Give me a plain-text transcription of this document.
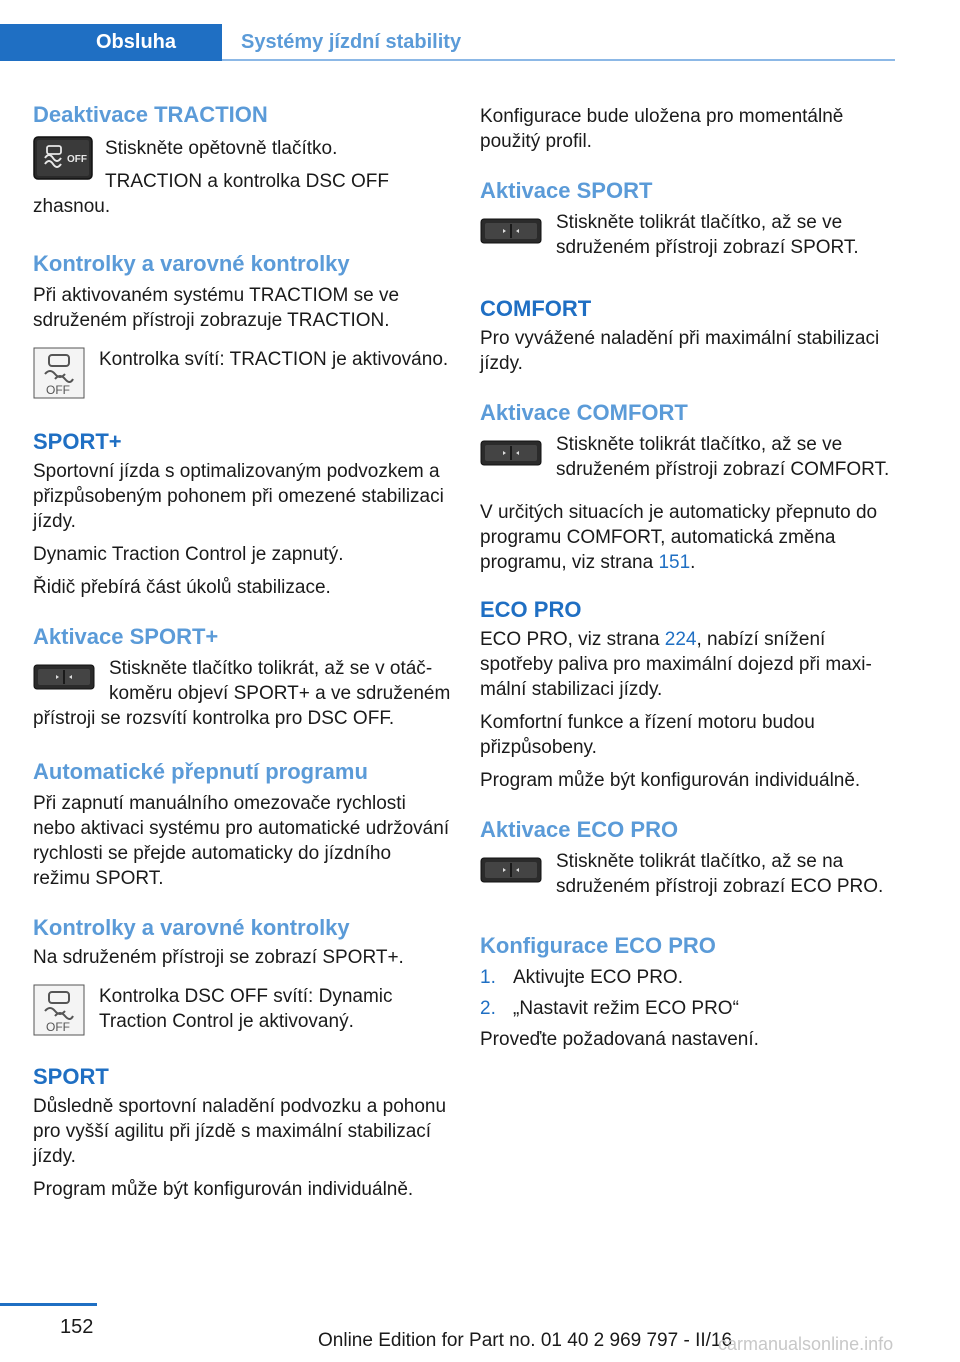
Obsluha	Systémy jízdní stability
Deaktivace TRACTION
OFF

Stiskněte opětovně tlačítko.

TRACTION a kontrolka DSC OFF zhasnou.

Kontrolky a varovné kontrolky

Při aktivovaném systému TRACTIOM se ve sdruženém přístroji zobrazuje TRACTION.

OFF

Kontrolka svítí: TRACTION je aktivováno.

SPORT+

Sportovní jízda s optimalizovaným podvozkem a přizpůsobeným pohonem při omezené stabilizaci jízdy.

Dynamic Traction Control je zapnutý.

Řidič přebírá část úkolů stabilizace.

Aktivace SPORT+

Stiskněte tlačítko tolikrát, až se v otáčkoměru objeví SPORT+ a ve sdruženém přístroji se rozsvítí kontrolka pro DSC OFF.

Automatické přepnutí programu

Při zapnutí manuálního omezovače rychlosti nebo aktivaci systému pro automatické udržování rychlosti se přejde automaticky do jízdního režimu SPORT.

Kontrolky a varovné kontrolky

Na sdruženém přístroji se zobrazí SPORT+.

OFF

Kontrolka DSC OFF svítí: Dynamic Traction Control je aktivovaný.

SPORT

Důsledně sportovní naladění podvozku a pohonu pro vyšší agilitu při jízdě s maximální stabilizací jízdy.

Program může být konfigurován individuálně.

Konfigurace bude uložena pro momentálně použitý profil.

Aktivace SPORT

Stiskněte tolikrát tlačítko, až se ve sdruženém přístroji zobrazí SPORT.

COMFORT

Pro vyvážené naladění při maximální stabilizaci jízdy.

Aktivace COMFORT

Stiskněte tolikrát tlačítko, až se ve sdruženém přístroji zobrazí COMFORT.

V určitých situacích je automaticky přepnuto do programu COMFORT, automatická změna programu, viz strana 151.

ECO PRO

ECO PRO, viz strana 224, nabízí snížení spotřeby paliva pro maximální dojezd při maximální stabilizaci jízdy.

Komfortní funkce a řízení motoru budou přizpůsobeny.

Program může být konfigurován individuálně.

Aktivace ECO PRO

Stiskněte tolikrát tlačítko, až se na sdruženém přístroji zobrazí ECO PRO.

Konfigurace ECO PRO
1. Aktivujte ECO PRO.
2. „Nastavit režim ECO PRO“

Proveďte požadovaná nastavení.

152
Online Edition for Part no. 01 40 2 969 797 - II/16
carmanualsonline.info
